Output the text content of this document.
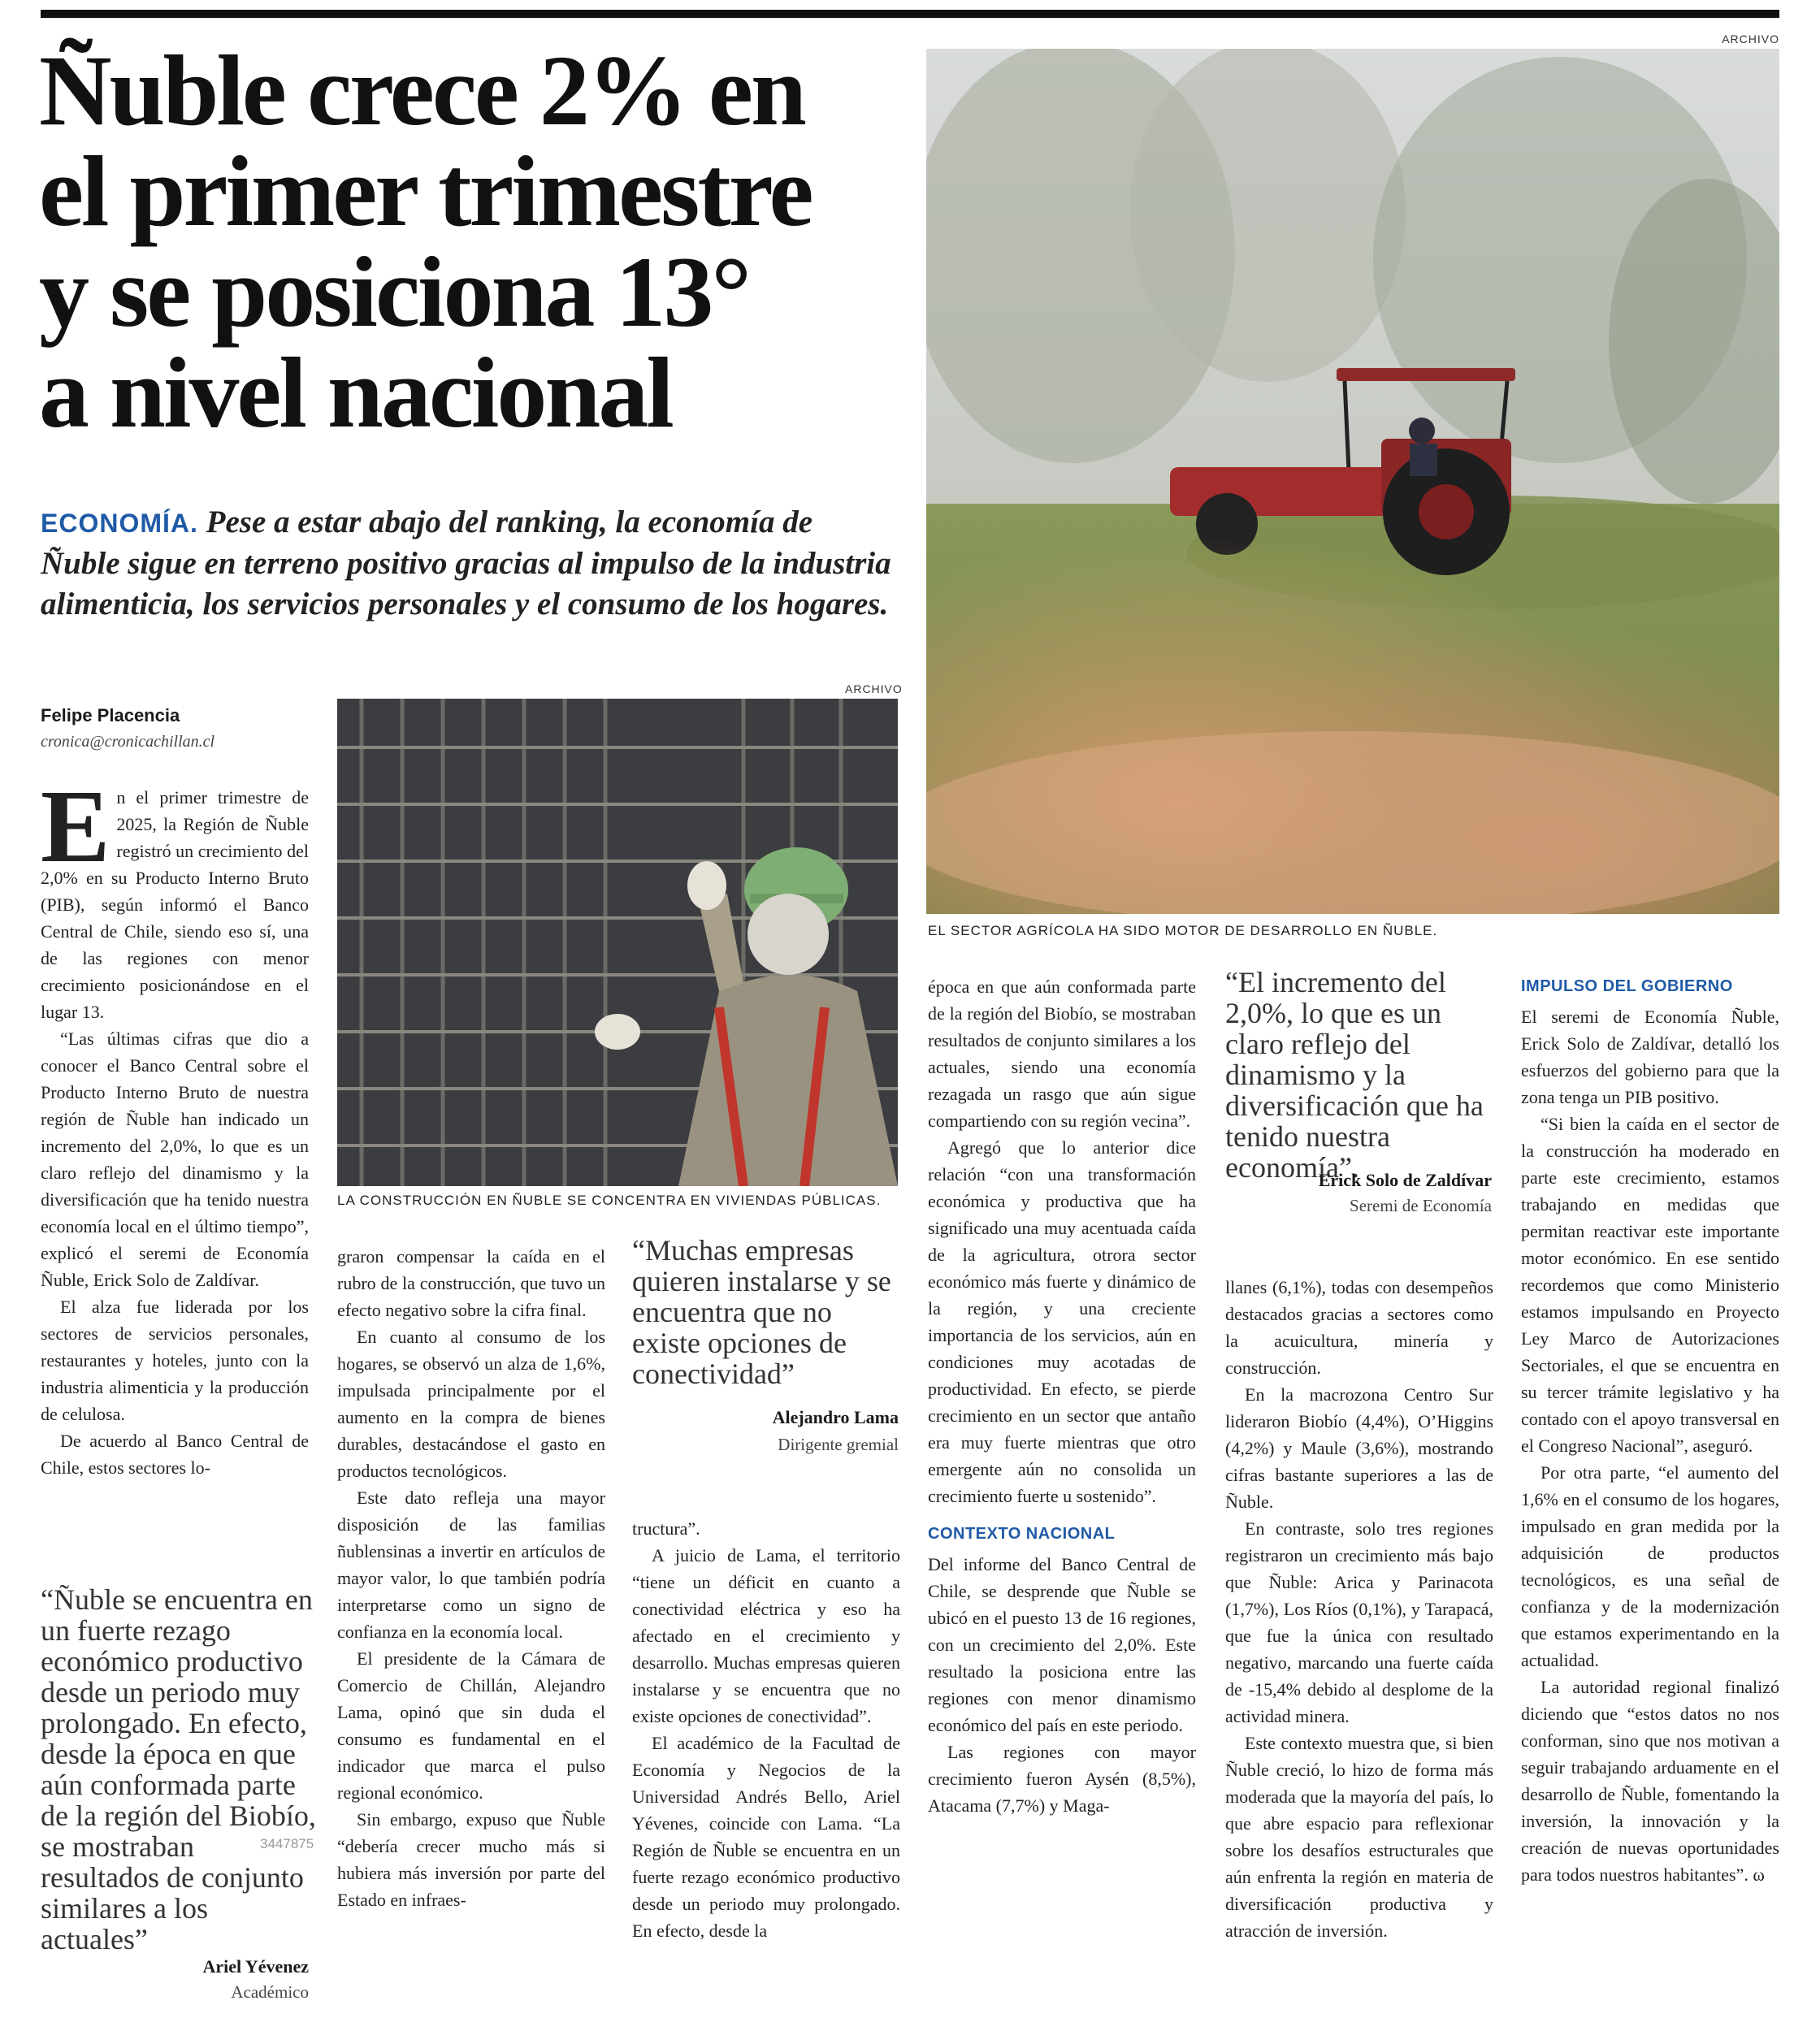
Ñuble crece 2% en
el primer trimestre
y se posiciona 13°
a nivel nacional

ECONOMÍA. Pese a estar abajo del ranking, la economía de Ñuble sigue en terreno positivo gracias al impulso de la industria alimenticia, los servicios personales y el consumo de los hogares.

Felipe Placencia
cronica@cronicachillan.cl
ARCHIVO
EL SECTOR AGRÍCOLA HA SIDO MOTOR DE DESARROLLO EN ÑUBLE.
ARCHIVO
LA CONSTRUCCIÓN EN ÑUBLE SE CONCENTRA EN VIVIENDAS PÚBLICAS.

En el primer trimestre de 2025, la Región de Ñuble registró un crecimiento del 2,0% en su Producto Interno Bruto (PIB), según informó el Banco Central de Chile, siendo eso sí, una de las regiones con menor crecimiento posicionándose en el lugar 13.

“Las últimas cifras que dio a conocer el Banco Central sobre el Producto Interno Bruto de nuestra región de Ñuble han indicado un incremento del 2,0%, lo que es un claro reflejo del dinamismo y la diversificación que ha tenido nuestra economía local en el último tiempo”, explicó el seremi de Economía Ñuble, Erick Solo de Zaldívar.

El alza fue liderada por los sectores de servicios personales, restaurantes y hoteles, junto con la industria alimenticia y la producción de celulosa.

De acuerdo al Banco Central de Chile, estos sectores lo-

“Ñuble se encuentra en un fuerte rezago económico productivo desde un periodo muy prolongado. En efecto, desde la época en que aún conformada parte de la región del Biobío, se mostraban resultados de conjunto similares a los actuales”
Ariel Yévenez
Académico
3447875

graron compensar la caída en el rubro de la construcción, que tuvo un efecto negativo sobre la cifra final.

En cuanto al consumo de los hogares, se observó un alza de 1,6%, impulsada principalmente por el aumento en la compra de bienes durables, destacándose el gasto en productos tecnológicos.

Este dato refleja una mayor disposición de las familias ñublensinas a invertir en artículos de mayor valor, lo que también podría interpretarse como un signo de confianza en la economía local.

El presidente de la Cámara de Comercio de Chillán, Alejandro Lama, opinó que sin duda el consumo es fundamental en el indicador que marca el pulso regional económico.

Sin embargo, expuso que Ñuble “debería crecer mucho más si hubiera más inversión por parte del Estado en infraes-

“Muchas empresas quieren instalarse y se encuentra que no existe opciones de conectividad”
Alejandro Lama
Dirigente gremial

tructura”.

A juicio de Lama, el territorio “tiene un déficit en cuanto a conectividad eléctrica y eso ha afectado en el crecimiento y desarrollo. Muchas empresas quieren instalarse y se encuentra que no existe opciones de conectividad”.

El académico de la Facultad de Economía y Negocios de la Universidad Andrés Bello, Ariel Yévenes, coincide con Lama. “La Región de Ñuble se encuentra en un fuerte rezago económico productivo desde un periodo muy prolongado. En efecto, desde la

época en que aún conformada parte de la región del Biobío, se mostraban resultados de conjunto similares a los actuales, siendo una economía rezagada un rasgo que aún sigue compartiendo con su región vecina”.

Agregó que lo anterior dice relación “con una transformación económica y productiva que ha significado una muy acentuada caída de la agricultura, otrora sector económico más fuerte y dinámico de la región, y una creciente importancia de los servicios, aún en condiciones muy acotadas de productividad. En efecto, se pierde crecimiento en un sector que antaño era muy fuerte mientras que otro emergente aún no consolida un crecimiento fuerte u sostenido”.

CONTEXTO NACIONAL

Del informe del Banco Central de Chile, se desprende que Ñuble se ubicó en el puesto 13 de 16 regiones, con un crecimiento del 2,0%. Este resultado la posiciona entre las regiones con menor dinamismo económico del país en este periodo.

Las regiones con mayor crecimiento fueron Aysén (8,5%), Atacama (7,7%) y Maga-

“El incremento del 2,0%, lo que es un claro reflejo del dinamismo y la diversificación que ha tenido nuestra economía”.
Erick Solo de Zaldívar
Seremi de Economía

llanes (6,1%), todas con desempeños destacados gracias a sectores como la acuicultura, minería y construcción.

En la macrozona Centro Sur lideraron Biobío (4,4%), O’Higgins (4,2%) y Maule (3,6%), mostrando cifras bastante superiores a las de Ñuble.

En contraste, solo tres regiones registraron un crecimiento más bajo que Ñuble: Arica y Parinacota (1,7%), Los Ríos (0,1%), y Tarapacá, que fue la única con resultado negativo, marcando una fuerte caída de -15,4% debido al desplome de la actividad minera.

Este contexto muestra que, si bien Ñuble creció, lo hizo de forma más moderada que la mayoría del país, lo que abre espacio para reflexionar sobre los desafíos estructurales que aún enfrenta la región en materia de diversificación productiva y atracción de inversión.

IMPULSO DEL GOBIERNO

El seremi de Economía Ñuble, Erick Solo de Zaldívar, detalló los esfuerzos del gobierno para que la zona tenga un PIB positivo.

“Si bien la caída en el sector de la construcción ha moderado en parte este crecimiento, estamos trabajando en medidas que permitan reactivar este importante motor económico. En ese sentido recordemos que como Ministerio estamos impulsando en Proyecto Ley Marco de Autorizaciones Sectoriales, el que se encuentra en su tercer trámite legislativo y ha contado con el apoyo transversal en el Congreso Nacional”, aseguró.

Por otra parte, “el aumento del 1,6% en el consumo de los hogares, impulsado en gran medida por la adquisición de productos tecnológicos, es una señal de confianza y de la modernización que estamos experimentando en la actualidad.

La autoridad regional finalizó diciendo que “estos datos no nos conforman, sino que nos motivan a seguir trabajando arduamente en el desarrollo de Ñuble, fomentando la inversión, la innovación y la creación de nuevas oportunidades para todos nuestros habitantes”. ω
